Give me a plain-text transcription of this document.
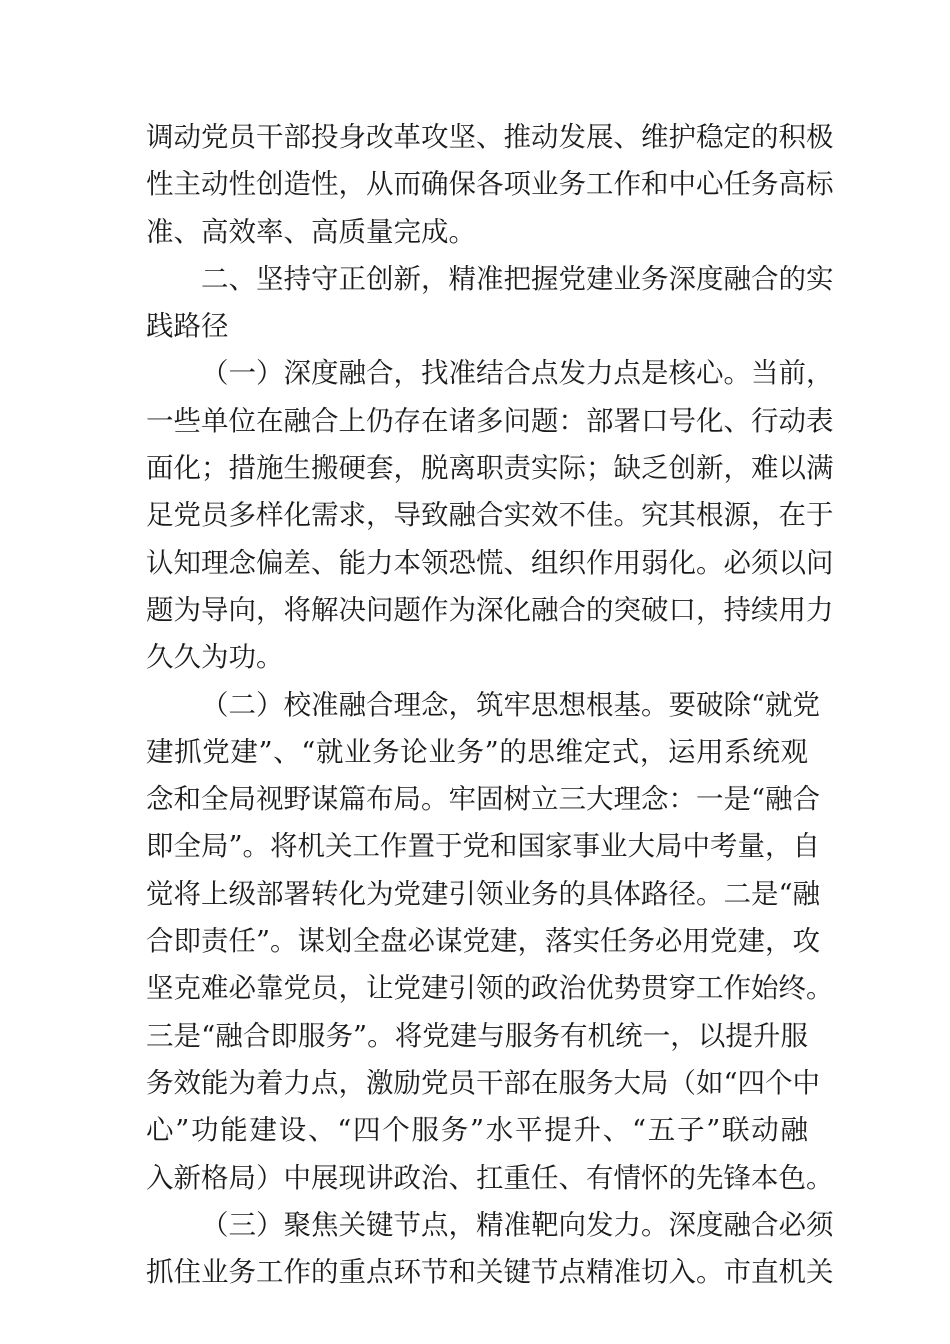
调动党员干部投身改革攻坚、推动发展、维护稳定的积极
性主动性创造性，从而确保各项业务工作和中心任务高标
准、高效率、高质量完成。
二、坚持守正创新，精准把握党建业务深度融合的实
践路径
（一）深度融合，找准结合点发力点是核心。当前，
一些单位在融合上仍存在诸多问题：部署口号化、行动表
面化；措施生搬硬套，脱离职责实际；缺乏创新，难以满
足党员多样化需求，导致融合实效不佳。究其根源，在于
认知理念偏差、能力本领恐慌、组织作用弱化。必须以问
题为导向，将解决问题作为深化融合的突破口，持续用力
久久为功。
（二）校准融合理念，筑牢思想根基。要破除“就党
建抓党建”、“就业务论业务”的思维定式，运用系统观
念和全局视野谋篇布局。牢固树立三大理念：一是“融合
即全局”。将机关工作置于党和国家事业大局中考量，自
觉将上级部署转化为党建引领业务的具体路径。二是“融
合即责任”。谋划全盘必谋党建，落实任务必用党建，攻
坚克难必靠党员，让党建引领的政治优势贯穿工作始终。
三是“融合即服务”。将党建与服务有机统一，以提升服
务效能为着力点，激励党员干部在服务大局（如“四个中
心”功能建设、“四个服务”水平提升、“五子”联动融
入新格局）中展现讲政治、扛重任、有情怀的先锋本色。
（三）聚焦关键节点，精准靶向发力。深度融合必须
抓住业务工作的重点环节和关键节点精准切入。市直机关
